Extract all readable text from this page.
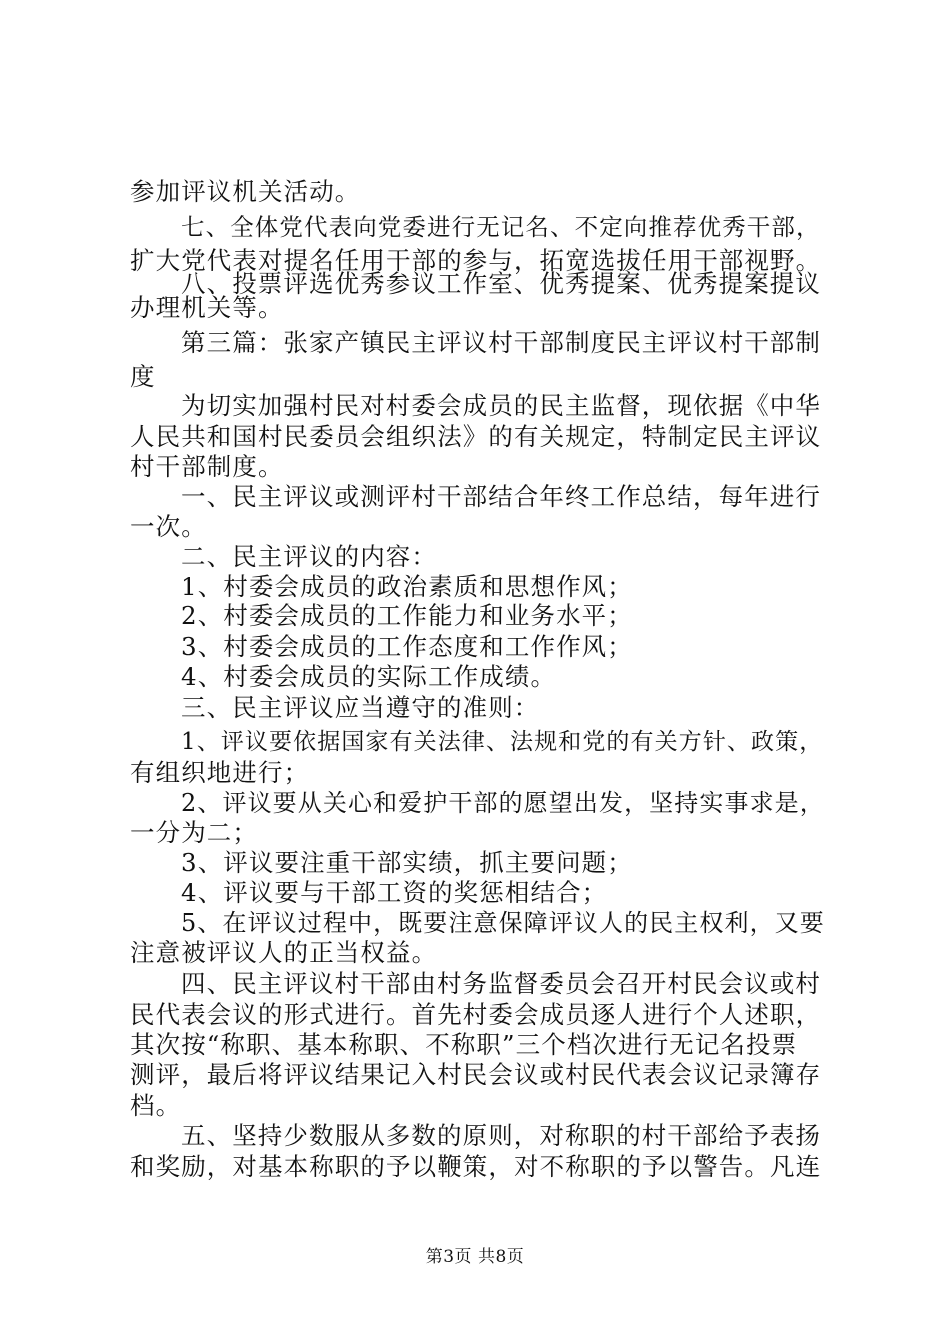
参加评议机关活动。
七、全体党代表向党委进行无记名、不定向推荐优秀干部，
扩大党代表对提名任用干部的参与，拓宽选拔任用干部视野。
八、投票评选优秀参议工作室、优秀提案、优秀提案提议
办理机关等。
第三篇：张家产镇民主评议村干部制度民主评议村干部制
度
为切实加强村民对村委会成员的民主监督，现依据《中华
人民共和国村民委员会组织法》的有关规定，特制定民主评议
村干部制度。
一、民主评议或测评村干部结合年终工作总结，每年进行
一次。
二、民主评议的内容：
1、村委会成员的政治素质和思想作风；
2、村委会成员的工作能力和业务水平；
3、村委会成员的工作态度和工作作风；
4、村委会成员的实际工作成绩。
三、民主评议应当遵守的准则：
1、评议要依据国家有关法律、法规和党的有关方针、政策，
有组织地进行；
2、评议要从关心和爱护干部的愿望出发，坚持实事求是，
一分为二；
3、评议要注重干部实绩，抓主要问题；
4、评议要与干部工资的奖惩相结合；
5、在评议过程中，既要注意保障评议人的民主权利，又要
注意被评议人的正当权益。
四、民主评议村干部由村务监督委员会召开村民会议或村
民代表会议的形式进行。首先村委会成员逐人进行个人述职，
其次按“称职、基本称职、不称职”三个档次进行无记名投票
测评，最后将评议结果记入村民会议或村民代表会议记录簿存
档。
五、坚持少数服从多数的原则，对称职的村干部给予表扬
和奖励，对基本称职的予以鞭策，对不称职的予以警告。凡连
第3页 共8页
